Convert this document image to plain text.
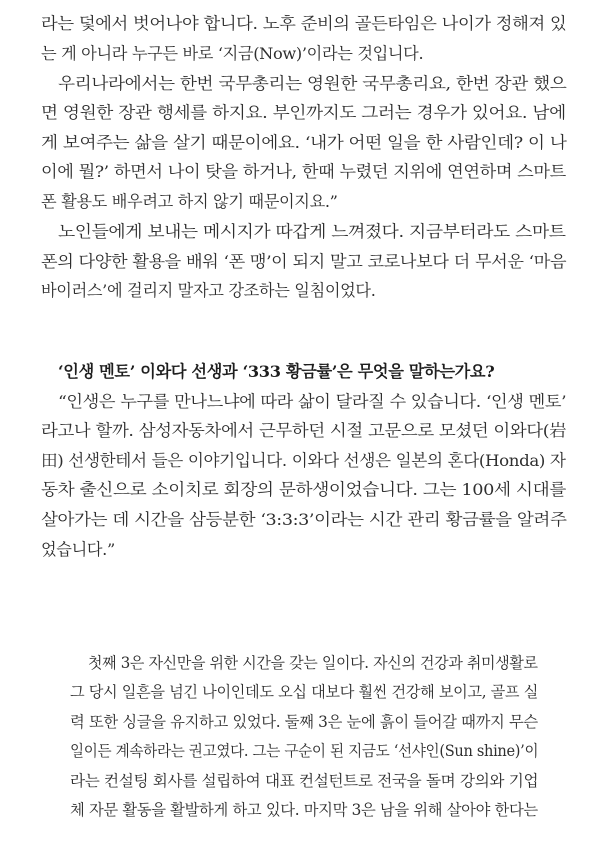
라는 덫에서 벗어나야 합니다. 노후 준비의 골든타임은 나이가 정해져 있
는 게 아니라 누구든 바로 ‘지금(Now)’이라는 것입니다.
우리나라에서는 한번 국무총리는 영원한 국무총리요, 한번 장관 했으
면 영원한 장관 행세를 하지요. 부인까지도 그러는 경우가 있어요. 남에
게 보여주는 삶을 살기 때문이에요. ‘내가 어떤 일을 한 사람인데? 이 나
이에 뭘?’ 하면서 나이 탓을 하거나, 한때 누렸던 지위에 연연하며 스마트
폰 활용도 배우려고 하지 않기 때문이지요.”
노인들에게 보내는 메시지가 따갑게 느껴졌다. 지금부터라도 스마트
폰의 다양한 활용을 배워 ‘폰 맹’이 되지 말고 코로나보다 더 무서운 ‘마음
바이러스’에 걸리지 말자고 강조하는 일침이었다.
‘인생 멘토’ 이와다 선생과 ‘333 황금률’은 무엇을 말하는가요?
“인생은 누구를 만나느냐에 따라 삶이 달라질 수 있습니다. ‘인생 멘토’
라고나 할까. 삼성자동차에서 근무하던 시절 고문으로 모셨던 이와다(岩
田) 선생한테서 들은 이야기입니다. 이와다 선생은 일본의 혼다(Honda) 자
동차 출신으로 소이치로 회장의 문하생이었습니다. 그는 100세 시대를
살아가는 데 시간을 삼등분한 ‘3:3:3’이라는 시간 관리 황금률을 알려주
었습니다.”
첫째 3은 자신만을 위한 시간을 갖는 일이다. 자신의 건강과 취미생활로
그 당시 일흔을 넘긴 나이인데도 오십 대보다 훨씬 건강해 보이고, 골프 실
력 또한 싱글을 유지하고 있었다. 둘째 3은 눈에 흙이 들어갈 때까지 무슨
일이든 계속하라는 권고였다. 그는 구순이 된 지금도 ‘선샤인(Sun shine)’이
라는 컨설팅 회사를 설립하여 대표 컨설턴트로 전국을 돌며 강의와 기업
체 자문 활동을 활발하게 하고 있다. 마지막 3은 남을 위해 살아야 한다는
